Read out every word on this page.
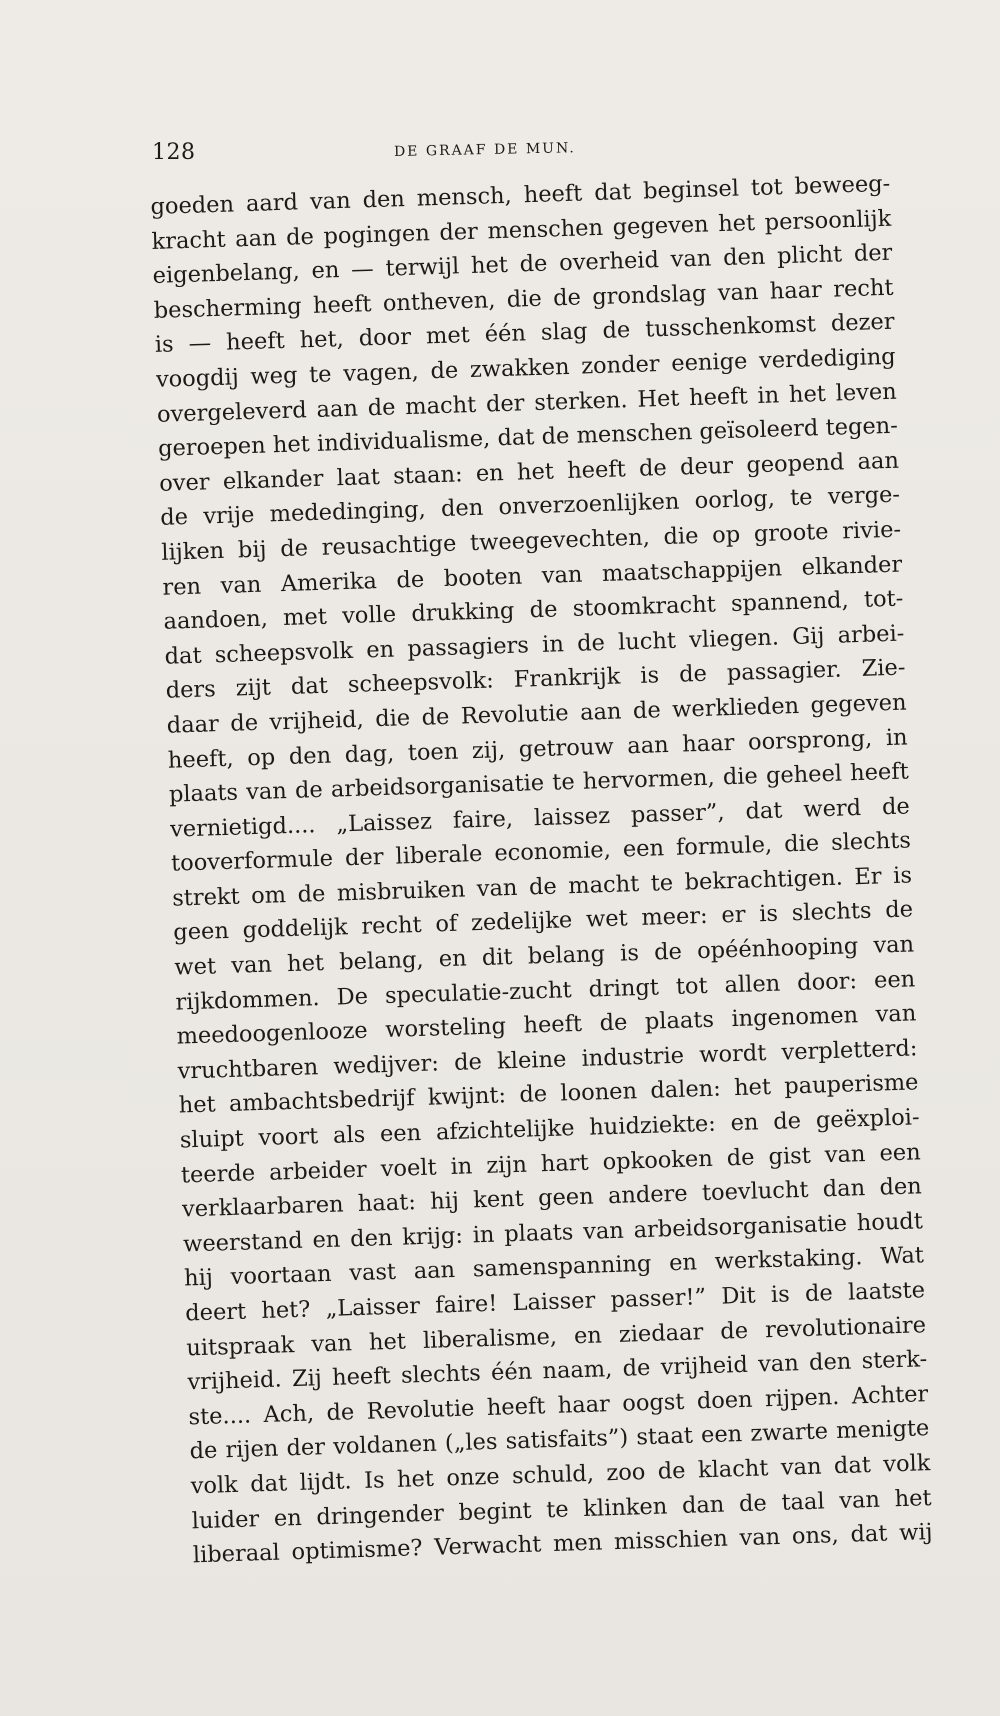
128	DE GRAAF DE MUN.
goeden aard van den mensch, heeft dat beginsel tot beweeg-
kracht aan de pogingen der menschen gegeven het persoonlijk
eigenbelang, en — terwijl het de overheid van den plicht der
bescherming heeft ontheven, die de grondslag van haar recht
is — heeft het, door met één slag de tusschenkomst dezer
voogdij weg te vagen, de zwakken zonder eenige verdediging
overgeleverd aan de macht der sterken. Het heeft in het leven
geroepen het individualisme, dat de menschen geïsoleerd tegen-
over elkander laat staan: en het heeft de deur geopend aan
de vrije mededinging, den onverzoenlijken oorlog, te verge-
lijken bij de reusachtige tweegevechten, die op groote rivie-
ren van Amerika de booten van maatschappijen elkander
aandoen, met volle drukking de stoomkracht spannend, tot-
dat scheepsvolk en passagiers in de lucht vliegen. Gij arbei-
ders zijt dat scheepsvolk: Frankrijk is de passagier. Zie-
daar de vrijheid, die de Revolutie aan de werklieden gegeven
heeft, op den dag, toen zij, getrouw aan haar oorsprong, in
plaats van de arbeidsorganisatie te hervormen, die geheel heeft
vernietigd.... „Laissez faire, laissez passer”, dat werd de
tooverformule der liberale economie, een formule, die slechts
strekt om de misbruiken van de macht te bekrachtigen. Er is
geen goddelijk recht of zedelijke wet meer: er is slechts de
wet van het belang, en dit belang is de opéénhooping van
rijkdommen. De speculatie-zucht dringt tot allen door: een
meedoogenlooze worsteling heeft de plaats ingenomen van
vruchtbaren wedijver: de kleine industrie wordt verpletterd:
het ambachtsbedrijf kwijnt: de loonen dalen: het pauperisme
sluipt voort als een afzichtelijke huidziekte: en de geëxploi-
teerde arbeider voelt in zijn hart opkooken de gist van een
verklaarbaren haat: hij kent geen andere toevlucht dan den
weerstand en den krijg: in plaats van arbeidsorganisatie houdt
hij voortaan vast aan samenspanning en werkstaking. Wat
deert het? „Laisser faire! Laisser passer!” Dit is de laatste
uitspraak van het liberalisme, en ziedaar de revolutionaire
vrijheid. Zij heeft slechts één naam, de vrijheid van den sterk-
ste.... Ach, de Revolutie heeft haar oogst doen rijpen. Achter
de rijen der voldanen („les satisfaits”) staat een zwarte menigte
volk dat lijdt. Is het onze schuld, zoo de klacht van dat volk
luider en dringender begint te klinken dan de taal van het
liberaal optimisme? Verwacht men misschien van ons, dat wij
